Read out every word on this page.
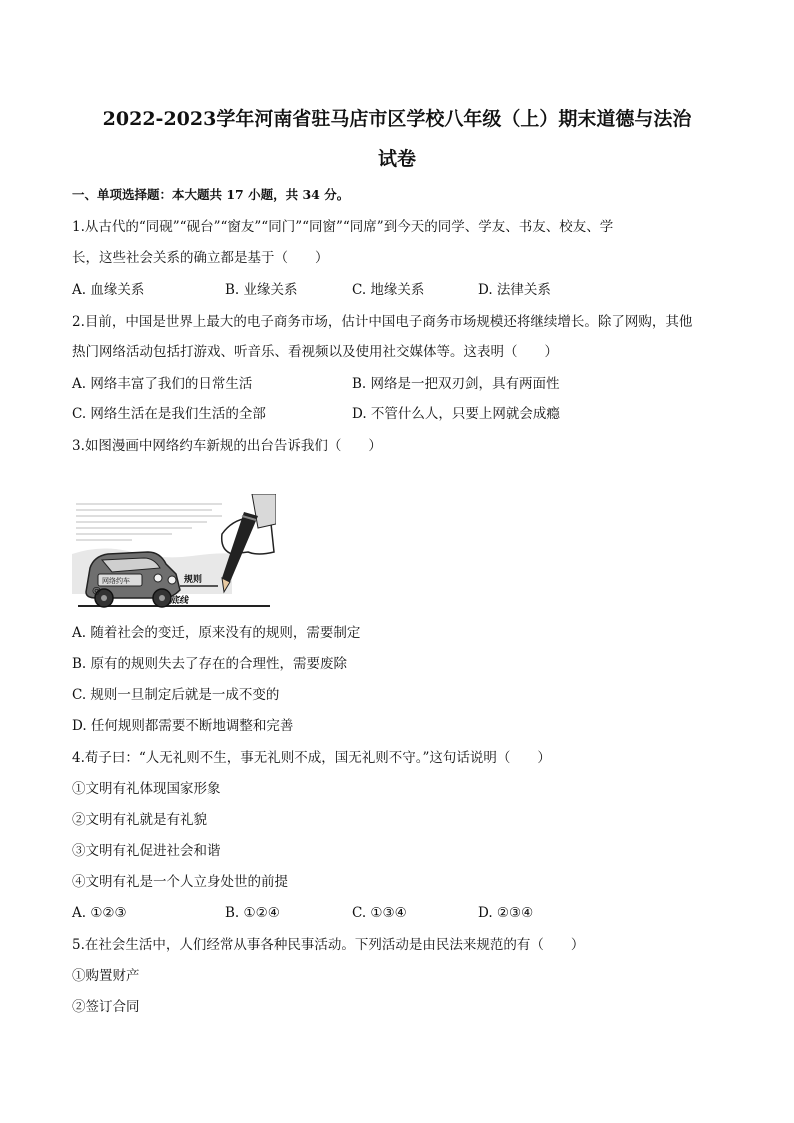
2022-2023学年河南省驻马店市区学校八年级（上）期末道德与法治
试卷
一、单项选择题：本大题共 17 小题，共 34 分。
1.从古代的“同砚”“砚台”“窗友”“同门”“同窗”“同席”到今天的同学、学友、书友、校友、学
长，这些社会关系的确立都是基于（　　）
A. 血缘关系	B. 业缘关系	C. 地缘关系	D. 法律关系
2.目前，中国是世界上最大的电子商务市场，估计中国电子商务市场规模还将继续增长。除了网购，其他
热门网络活动包括打游戏、听音乐、看视频以及使用社交媒体等。这表明（　　）
A. 网络丰富了我们的日常生活	B. 网络是一把双刃剑，具有两面性
C. 网络生活在是我们生活的全部	D. 不管什么人，只要上网就会成瘾
3.如图漫画中网络约车新规的出台告诉我们（　　）
@
网络约车	规则
底线
A. 随着社会的变迁，原来没有的规则，需要制定
B. 原有的规则失去了存在的合理性，需要废除
C. 规则一旦制定后就是一成不变的
D. 任何规则都需要不断地调整和完善
4.荀子曰：“人无礼则不生，事无礼则不成，国无礼则不守。”这句话说明（　　）
①文明有礼体现国家形象
②文明有礼就是有礼貌
③文明有礼促进社会和谐
④文明有礼是一个人立身处世的前提
A. ①②③	B. ①②④	C. ①③④	D. ②③④
5.在社会生活中，人们经常从事各种民事活动。下列活动是由民法来规范的有（　　）
①购置财产
②签订合同
